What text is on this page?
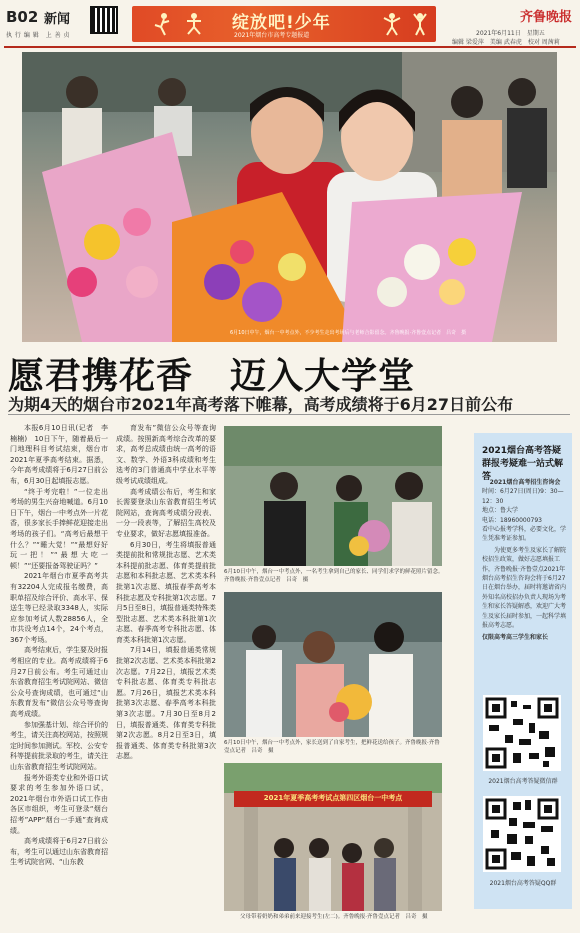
B02 新闻
执 行 编 辑　上 善 贞
绽放吧!少年
2021年烟台市高考专题报道
齐鲁晚报
2021年6月11日　星期五
编辑 梁爱萍　美编 武春虎　校对 周茜莉
6月10日中午，烟台一中考点外，不少考生走出考场后与老师合影留念。齐鲁晚报·齐鲁壹点记者　吕奇　摄
愿君携花香　迈入大学堂
为期4天的烟台市2021年高考落下帷幕，高考成绩将于6月27日前公布

本报6月10日讯(记者　李楠楠)　10日下午，随着最后一门地理科目考试结束，烟台市2021年夏季高考结束。据悉，今年高考成绩将于6月27日前公布，6月30日起填报志愿。

“终于考完啦！”一位走出考场的男生兴奋地喊道。6月10日下午，烟台一中考点外一片花香，很多家长手捧鲜花迎接走出考场的孩子们。“高考后最想干什么？”“睡大觉！”“最想好好玩一把！”“最想大吃一顿！”“还要报备驾驶证吗？”

2021年烟台市夏季高考共有32204人完成报名缴费，高职单招及综合评价、高水平、保送生等已经录取3348人，实际应参加考试人数28856人，全市共设考点14个，24个考点，367个考场。

高考结束后，学生要及时报考相应的专业。高考成绩将于6月27日前公布。考生可通过山东省教育招生考试院网站、微信公众号查询成绩，也可通过“山东教育发布”微信公众号等查询高考成绩。

参加强基计划、综合评价的考生，请关注高校网站，按照规定时间参加测试。军校、公安专科等提前批录取的考生，请关注山东省教育招生考试院网站。

报考外语类专业和外语口试要求的考生参加外语口试，2021年烟台市外语口试工作由各区市组织，考生可登录“烟台招考”APP“烟台一手通”查询成绩。

高考成绩将于6月27日前公布，考生可以通过山东省教育招生考试院官网、“山东教

育发布”微信公众号等查询成绩。按照新高考综合改革的要求，高考总成绩由统一高考的语文、数学、外语3科成绩和考生选考的3门普通高中学业水平等级考试成绩组成。

高考成绩公布后，考生和家长需要登录山东省教育招生考试院网站，查询高考成绩分段表、一分一段表等，了解招生高校及专业要求，做好志愿填报准备。

6月30日，考生将填报普通类提前批和常规批志愿、艺术类本科提前批志愿、体育类提前批志愿和本科批志愿、艺术类本科批第1次志愿、填报春季高考本科批志愿及专科批第1次志愿。7月5日至8日，填报普通类特殊类型批志愿、艺术类本科批第1次志愿、春季高考专科批志愿、体育类本科批第1次志愿。

7月14日，填报普通类常规批第2次志愿、艺术类本科批第2次志愿。7月22日，填报艺术类专科批志愿、体育类专科批志愿。7月26日，填报艺术类本科批第3次志愿、春季高考本科批第3次志愿。7月30日至8月2日，填报普通类、体育类专科批第2次志愿。8月2日至3日，填报普通类、体育类专科批第3次志愿。

6月10日中午，烟台一中考点外，一名考生拿到自己的家长、同学们求学的鲜花照片留念。齐鲁晚报·齐鲁壹点记者　吕奇　摄
6月10日中午，烟台一中考点外，家长送到了自家考生，把鲜花送给孩子。齐鲁晚报·齐鲁壹点记者　吕奇　摄
2021年夏季高考考试点第四区烟台一中考点
父母带着奶奶和弟弟前来迎接考生(左二)。齐鲁晚报·齐鲁壹点记者　吕奇　摄
2021烟台高考答疑群报考疑难一站式解答

2021烟台高考招生咨询会

时间：6月27日(周日)9：30—12：30

地点：鲁大学

电话：18960000793

看中心报考学科，必要文化，学生凭准考证参加。

为使更多考生及家长了解院校招生政策，做好志愿填报工作，齐鲁晚报·齐鲁壹点2021年烟台高考招生咨询会将于6月27日在烟台举办，届时将邀请省内外知名高校招办负责人现场为考生和家长答疑解惑，欢迎广大考生及家长届时参加，一起科学填报高考志愿。

仅限高考高三学生和家长

2021烟台高考答疑微信群
2021烟台高考答疑QQ群
